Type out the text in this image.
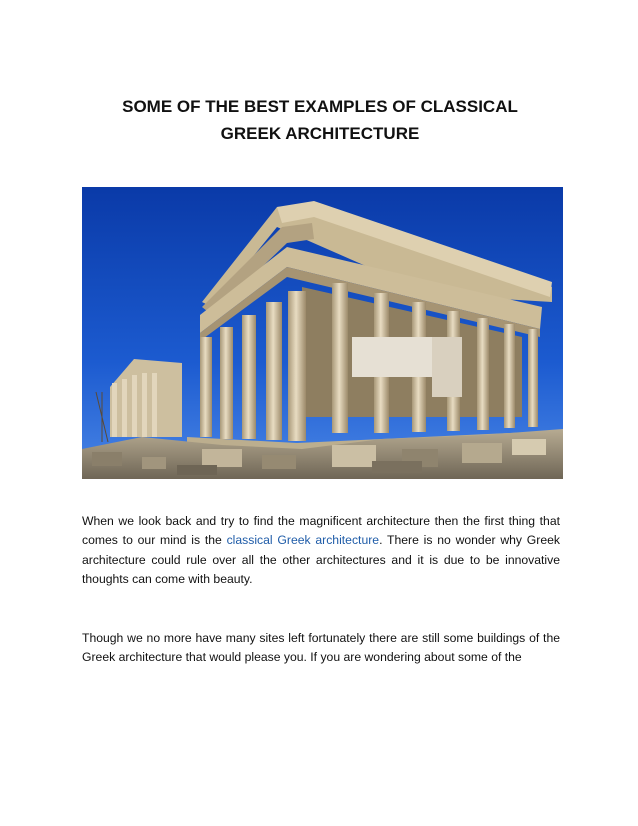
SOME OF THE BEST EXAMPLES OF CLASSICAL
GREEK ARCHITECTURE

When we look back and try to find the magnificent architecture then the first thing that comes to our mind is the classical Greek architecture. There is no wonder why Greek architecture could rule over all the other architectures and it is due to be innovative thoughts can come with beauty.

Though we no more have many sites left fortunately there are still some buildings of the Greek architecture that would please you. If you are wondering about some of the
